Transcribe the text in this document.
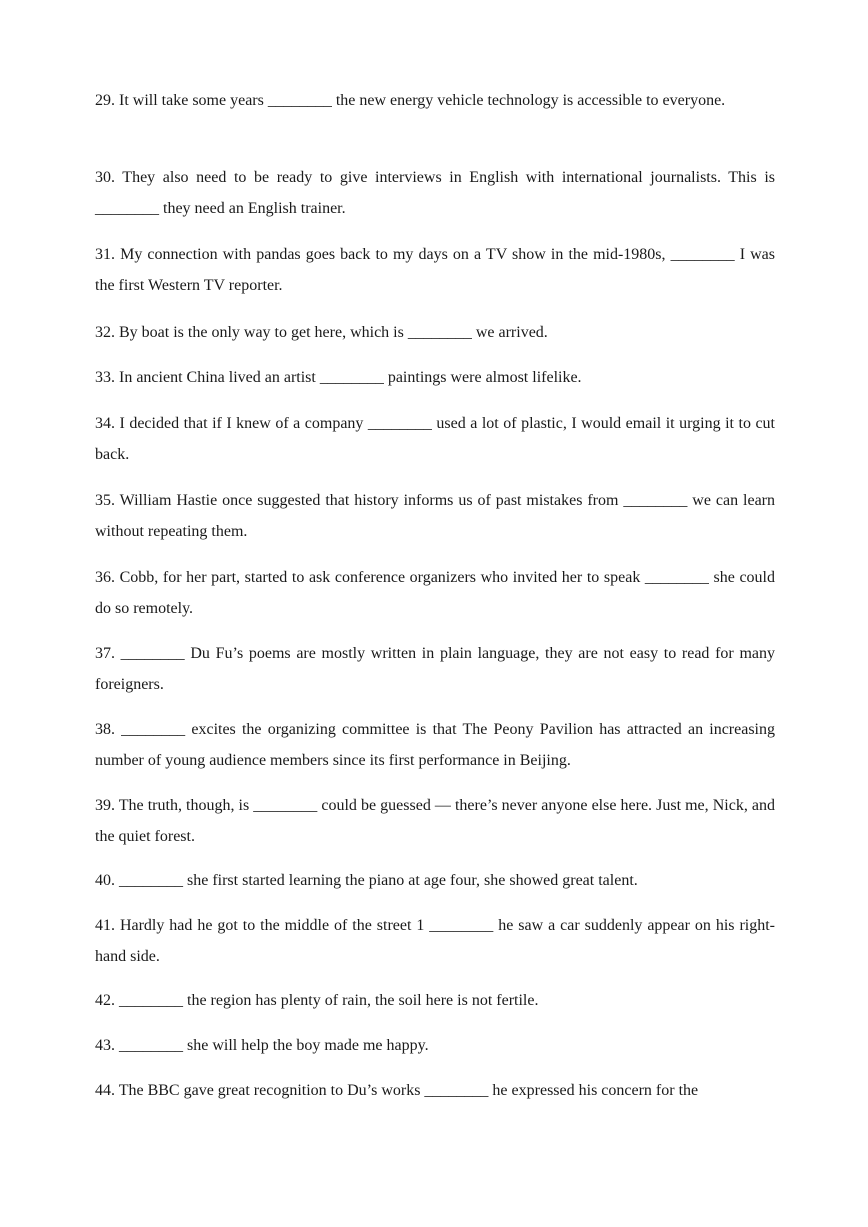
29. It will take some years ________ the new energy vehicle technology is accessible to everyone.

30. They also need to be ready to give interviews in English with international journalists. This is ________ they need an English trainer.

31. My connection with pandas goes back to my days on a TV show in the mid-1980s, ________ I was the first Western TV reporter.

32. By boat is the only way to get here, which is ________ we arrived.

33. In ancient China lived an artist ________ paintings were almost lifelike.

34. I decided that if I knew of a company ________ used a lot of plastic, I would email it urging it to cut back.

35. William Hastie once suggested that history informs us of past mistakes from ________ we can learn without repeating them.

36. Cobb, for her part, started to ask conference organizers who invited her to speak ________ she could do so remotely.

37. ________ Du Fu’s poems are mostly written in plain language, they are not easy to read for many foreigners.

38. ________ excites the organizing committee is that The Peony Pavilion has attracted an increasing number of young audience members since its first performance in Beijing.

39. The truth, though, is ________ could be guessed — there’s never anyone else here. Just me, Nick, and the quiet forest.

40. ________ she first started learning the piano at age four, she showed great talent.

41. Hardly had he got to the middle of the street 1 ________ he saw a car suddenly appear on his right-hand side.

42. ________ the region has plenty of rain, the soil here is not fertile.

43. ________ she will help the boy made me happy.

44. The BBC gave great recognition to Du’s works ________ he expressed his concern for the
